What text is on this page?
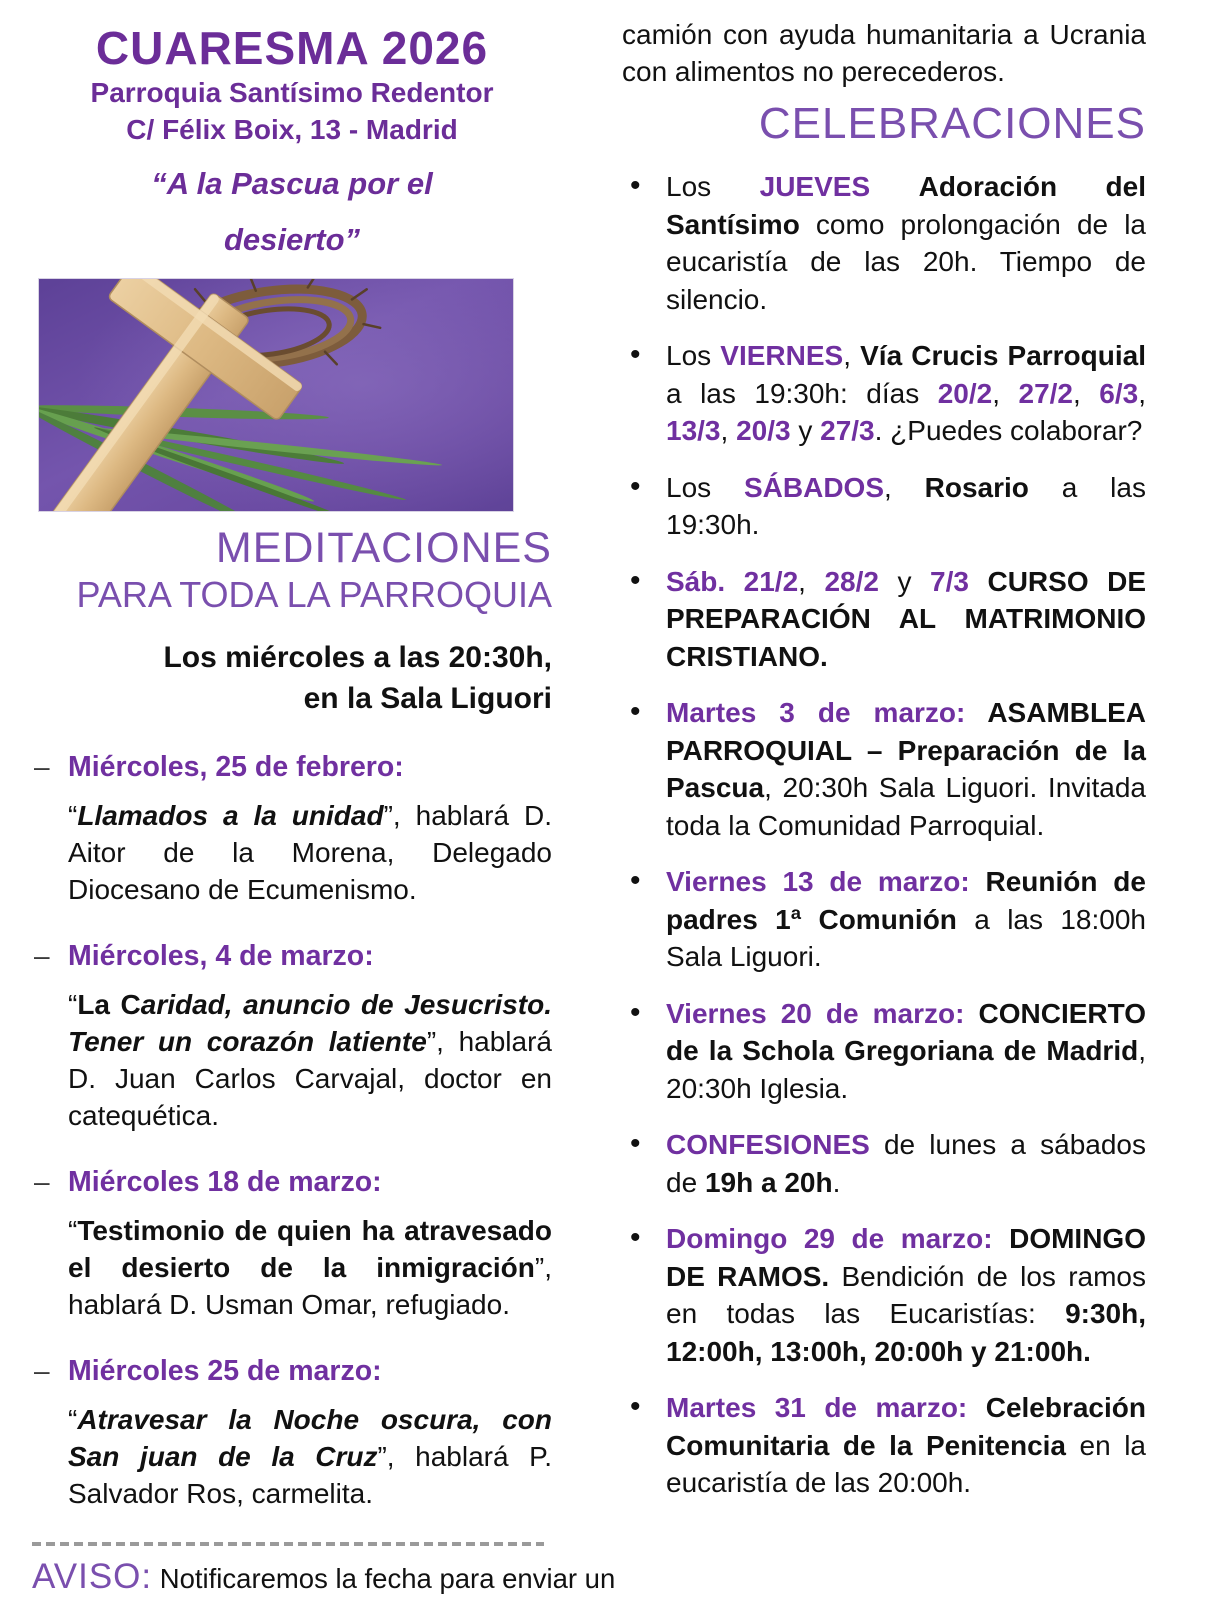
CUARESMA 2026
Parroquia Santísimo Redentor
C/ Félix Boix, 13 - Madrid
“A la Pascua por el
desierto”
MEDITACIONES
PARA TODA LA PARROQUIA
Los miércoles a las 20:30h,
en la Sala Liguori
– Miércoles, 25 de febrero:

“Llamados a la unidad”, hablará D. Aitor de la Morena, Delegado Diocesano de Ecumenismo.

– Miércoles, 4 de marzo:

“La Caridad, anuncio de Jesucristo. Tener un corazón latiente”, hablará D. Juan Carlos Carvajal, doctor en catequética.

– Miércoles 18 de marzo:

“Testimonio de quien ha atravesado el desierto de la inmigración”, hablará D. Usman Omar, refugiado.

– Miércoles 25 de marzo:

“Atravesar la Noche oscura, con San juan de la Cruz”, hablará P. Salvador Ros, carmelita.

AVISO: Notificaremos la fecha para enviar un

camión con ayuda humanitaria a Ucrania con alimentos no perecederos.

CELEBRACIONES
• Los JUEVES Adoración del Santísimo como prolongación de la eucaristía de las 20h. Tiempo de silencio.
• Los VIERNES, Vía Crucis Parroquial a las 19:30h: días 20/2, 27/2, 6/3, 13/3, 20/3 y 27/3. ¿Puedes colaborar?
• Los SÁBADOS, Rosario a las 19:30h.
• Sáb. 21/2, 28/2 y 7/3 CURSO DE PREPARACIÓN AL MATRIMONIO CRISTIANO.
• Martes 3 de marzo: ASAMBLEA PARROQUIAL – Preparación de la Pascua, 20:30h Sala Liguori. Invitada toda la Comunidad Parroquial.
• Viernes 13 de marzo: Reunión de padres 1ª Comunión a las 18:00h Sala Liguori.
• Viernes 20 de marzo: CONCIERTO de la Schola Gregoriana de Madrid, 20:30h Iglesia.
• CONFESIONES de lunes a sábados de 19h a 20h.
• Domingo 29 de marzo: DOMINGO DE RAMOS. Bendición de los ramos en todas las Eucaristías: 9:30h, 12:00h, 13:00h, 20:00h y 21:00h.
• Martes 31 de marzo: Celebración Comunitaria de la Penitencia en la eucaristía de las 20:00h.
